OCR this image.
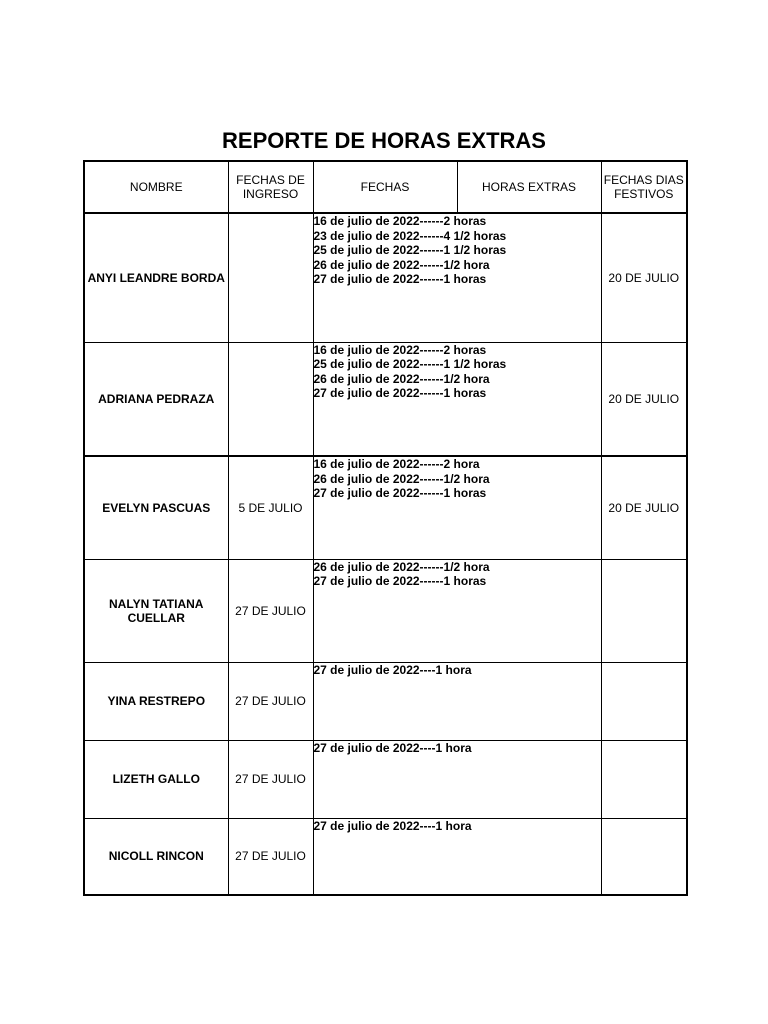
REPORTE DE HORAS EXTRAS
NOMBRE	FECHAS DE INGRESO	FECHAS	HORAS EXTRAS	FECHAS DIAS FESTIVOS
ANYI LEANDRE BORDA		16 de julio de 2022------2 horas
23 de julio de 2022------4 1/2 horas
25 de julio de 2022------1 1/2 horas
26 de julio de 2022------1/2 hora
27 de julio de 2022------1 horas		20 DE JULIO
ADRIANA PEDRAZA		16 de julio de 2022------2 horas
25 de julio de 2022------1 1/2 horas
26 de julio de 2022------1/2 hora
27 de julio de 2022------1 horas		20 DE JULIO
EVELYN PASCUAS	5 DE JULIO	16 de julio de 2022------2 hora
26 de julio de 2022------1/2 hora
27 de julio de 2022------1 horas		20 DE JULIO
NALYN TATIANA CUELLAR	27 DE JULIO	26 de julio de 2022------1/2 hora
27 de julio de 2022------1 horas		

YINA RESTREPO	27 DE JULIO	27 de julio de 2022----1 hora		

LIZETH GALLO	27 DE JULIO	27 de julio de 2022----1 hora		

NICOLL RINCON	27 DE JULIO	27 de julio de 2022----1 hora		
